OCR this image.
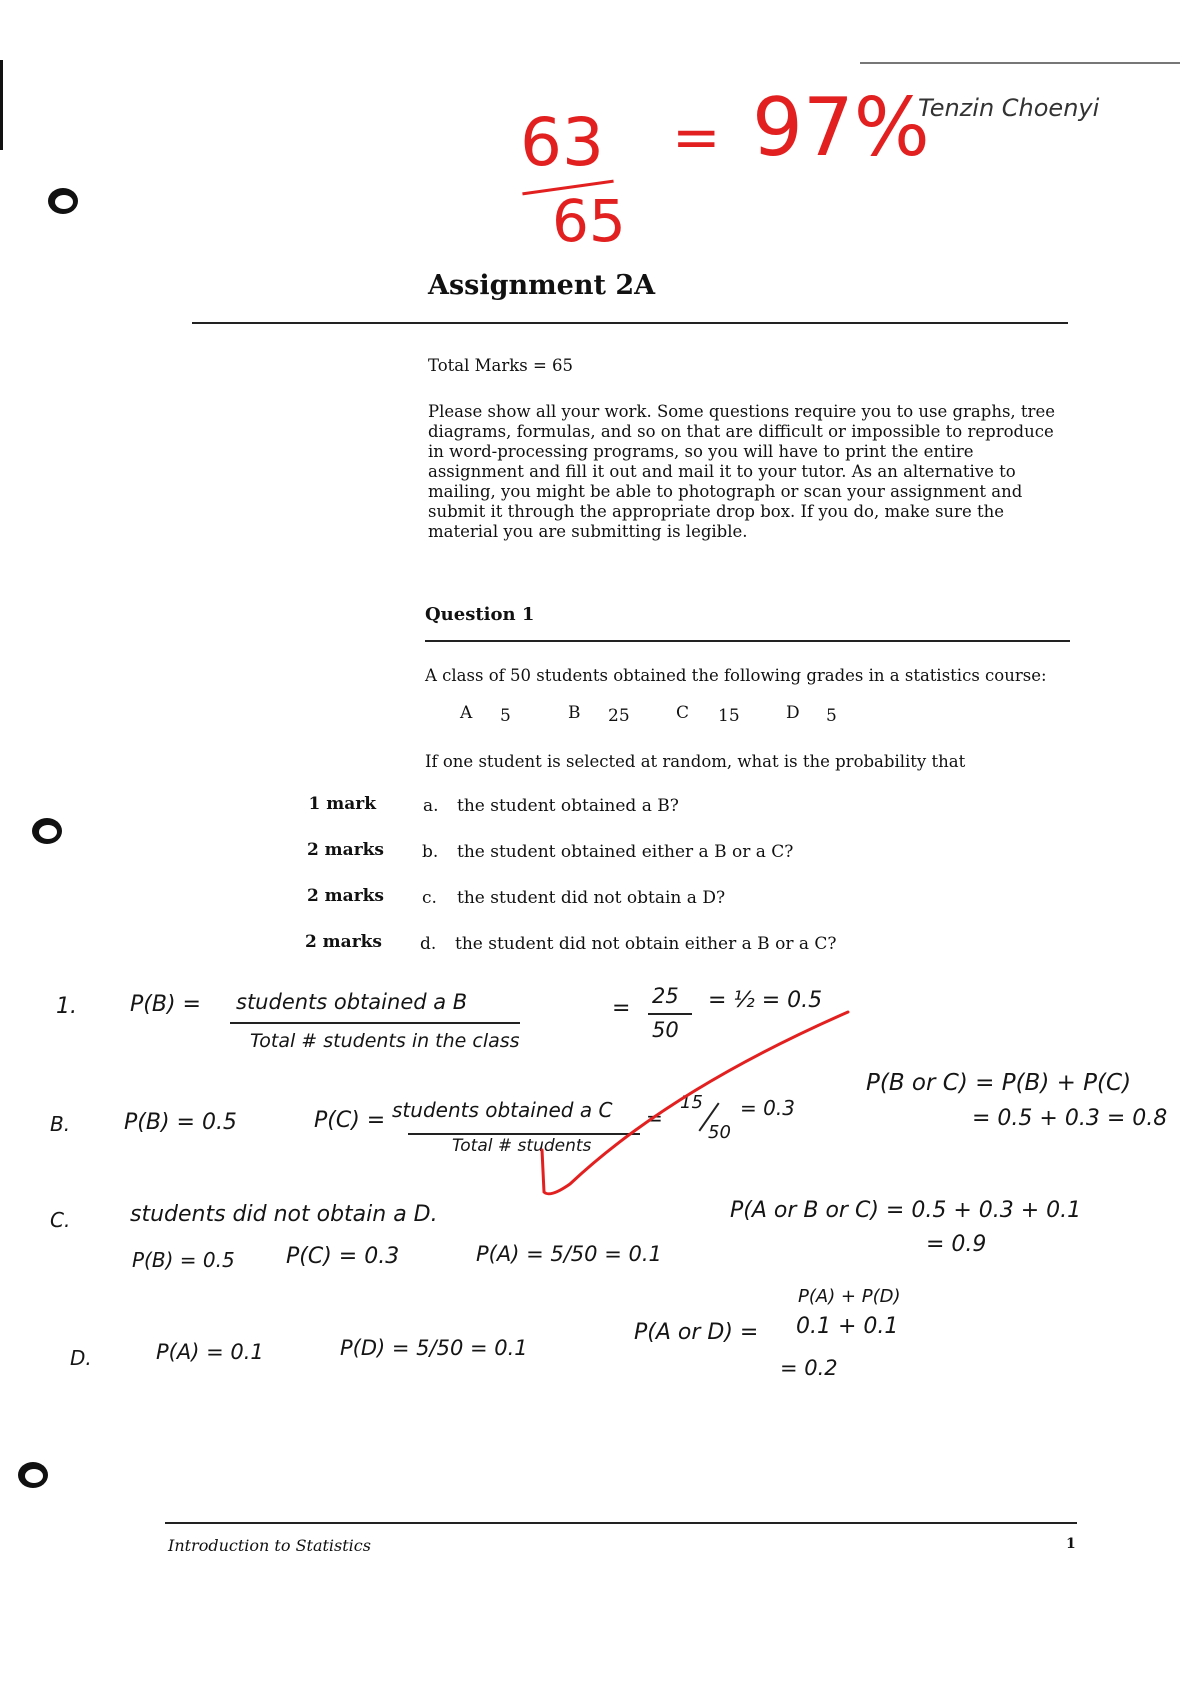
63
65
= 97%
Tenzin Choenyi
Assignment 2A
Total Marks = 65
Please show all your work. Some questions require you to use graphs, tree diagrams, formulas, and so on that are difficult or impossible to reproduce in word-processing programs, so you will have to print the entire assignment and fill it out and mail it to your tutor. As an alternative to mailing, you might be able to photograph or scan your assignment and submit it through the appropriate drop box. If you do, make sure the material you are submitting is legible.
Question 1
A class of 50 students obtained the following grades in a statistics course:
A 5	B 25	C 15	D 5
If one student is selected at random, what is the probability that
1 mark	a. the student obtained a B?
2 marks b. the student obtained either a B or a C?
2 marks c. the student did not obtain a D?
2 marks d. the student did not obtain either a B or a C?
1. P(B) = students obtained a B
Total # students in the class
= 25
50
= ½ = 0.5
B. P(B) = 0.5	P(C) = students obtained a C
Total # students
=
15
50
= 0.3
P(B or C) = P(B) + P(C)
= 0.5 + 0.3 = 0.8
C.	students did not obtain a D.
P(B) = 0.5 P(C) = 0.3	P(A) = 5/50 = 0.1
P(A or B or C) = 0.5 + 0.3 + 0.1
= 0.9
D.	P(A) = 0.1	P(D) = 5/50 = 0.1
P(A) + P(D)
P(A or D) = 0.1 + 0.1
= 0.2
Introduction to Statistics	1
